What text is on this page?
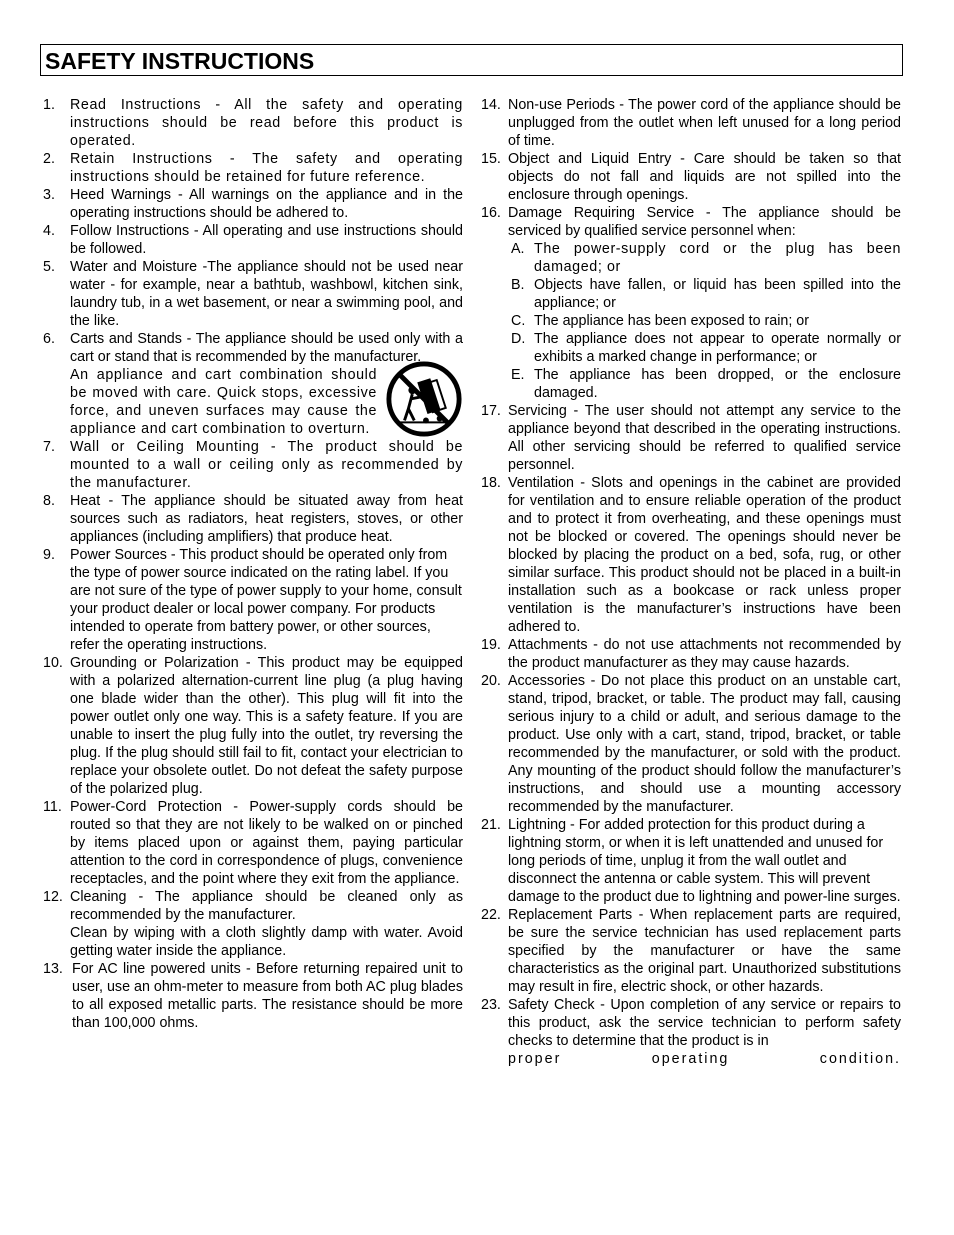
SAFETY INSTRUCTIONS
1. Read Instructions - All the safety and operating instructions should be read before this product is operated.

2. Retain Instructions - The safety and operating instructions should be retained for future reference.

3. Heed Warnings - All warnings on the appliance and in the operating instructions should be adhered to.

4. Follow Instructions - All operating and use instructions should be followed.

5. Water and Moisture -The appliance should not be used near water - for example, near a bathtub, washbowl, kitchen sink, laundry tub, in a wet basement, or near a swimming pool, and the like.

6. Carts and Stands - The appliance should be used only with a cart or stand that is recommended by the manufacturer.

An appliance and cart combination should be moved with care. Quick stops, excessive force, and uneven surfaces may cause the appliance and cart combination to overturn.

7. Wall or Ceiling Mounting - The product should be mounted to a wall or ceiling only as recommended by the manufacturer.

8. Heat - The appliance should be situated away from heat sources such as radiators, heat registers, stoves, or other appliances (including amplifiers) that produce heat.

9. Power Sources - This product should be operated only from the type of power source indicated on the rating label. If you are not sure of the type of power supply to your home, consult your product dealer or local power company. For products intended to operate from battery power, or other sources, refer the operating instructions.

10. Grounding or Polarization - This product may be equipped with a polarized alternation-current line plug (a plug having one blade wider than the other). This plug will fit into the power outlet only one way. This is a safety feature. If you are unable to insert the plug fully into the outlet, try reversing the plug. If the plug should still fail to fit, contact your electrician to replace your obsolete outlet. Do not defeat the safety purpose of the polarized plug.

11. Power-Cord Protection - Power-supply cords should be routed so that they are not likely to be walked on or pinched by items placed upon or against them, paying particular attention to the cord in correspondence of plugs, convenience receptacles, and the point where they exit from the appliance.

12. Cleaning - The appliance should be cleaned only as recommended by the manufacturer.

Clean by wiping with a cloth slightly damp with water. Avoid getting water inside the appliance.

13. For AC line powered units - Before returning repaired unit to user, use an ohm-meter to measure from both AC plug blades to all exposed metallic parts. The resistance should be more than 100,000 ohms.

14. Non-use Periods - The power cord of the appliance should be unplugged from the outlet when left unused for a long period of time.

15. Object and Liquid Entry - Care should be taken so that objects do not fall and liquids are not spilled into the enclosure through openings.

16. Damage Requiring Service - The appliance should be serviced by qualified service personnel when:

A. The power-supply cord or the plug has been damaged; or

B. Objects have fallen, or liquid has been spilled into the appliance; or

C. The appliance has been exposed to rain; or

D. The appliance does not appear to operate normally or exhibits a marked change in performance; or

E. The appliance has been dropped, or the enclosure damaged.

17. Servicing - The user should not attempt any service to the appliance beyond that described in the operating instructions. All other servicing should be referred to qualified service personnel.

18. Ventilation - Slots and openings in the cabinet are provided for ventilation and to ensure reliable operation of the product and to protect it from overheating, and these openings must not be blocked or covered. The openings should never be blocked by placing the product on a bed, sofa, rug, or other similar surface. This product should not be placed in a built-in installation such as a bookcase or rack unless proper ventilation is the manufacturer’s instructions have been adhered to.

19. Attachments - do not use attachments not recommended by the product manufacturer as they may cause hazards.

20. Accessories - Do not place this product on an unstable cart, stand, tripod, bracket, or table. The product may fall, causing serious injury to a child or adult, and serious damage to the product. Use only with a cart, stand, tripod, bracket, or table recommended by the manufacturer, or sold with the product. Any mounting of the product should follow the manufacturer’s instructions, and should use a mounting accessory recommended by the manufacturer.

21. Lightning - For added protection for this product during a lightning storm, or when it is left unattended and unused for long periods of time, unplug it from the wall outlet and disconnect the antenna or cable system. This will prevent damage to the product due to lightning and power-line surges.

22. Replacement Parts - When replacement parts are required, be sure the service technician has used replacement parts specified by the manufacturer or have the same characteristics as the original part. Unauthorized substitutions may result in fire, electric shock, or other hazards.

23. Safety Check - Upon completion of any service or repairs to this product, ask the service technician to perform safety checks to determine that the product is in

proper operating condition.
